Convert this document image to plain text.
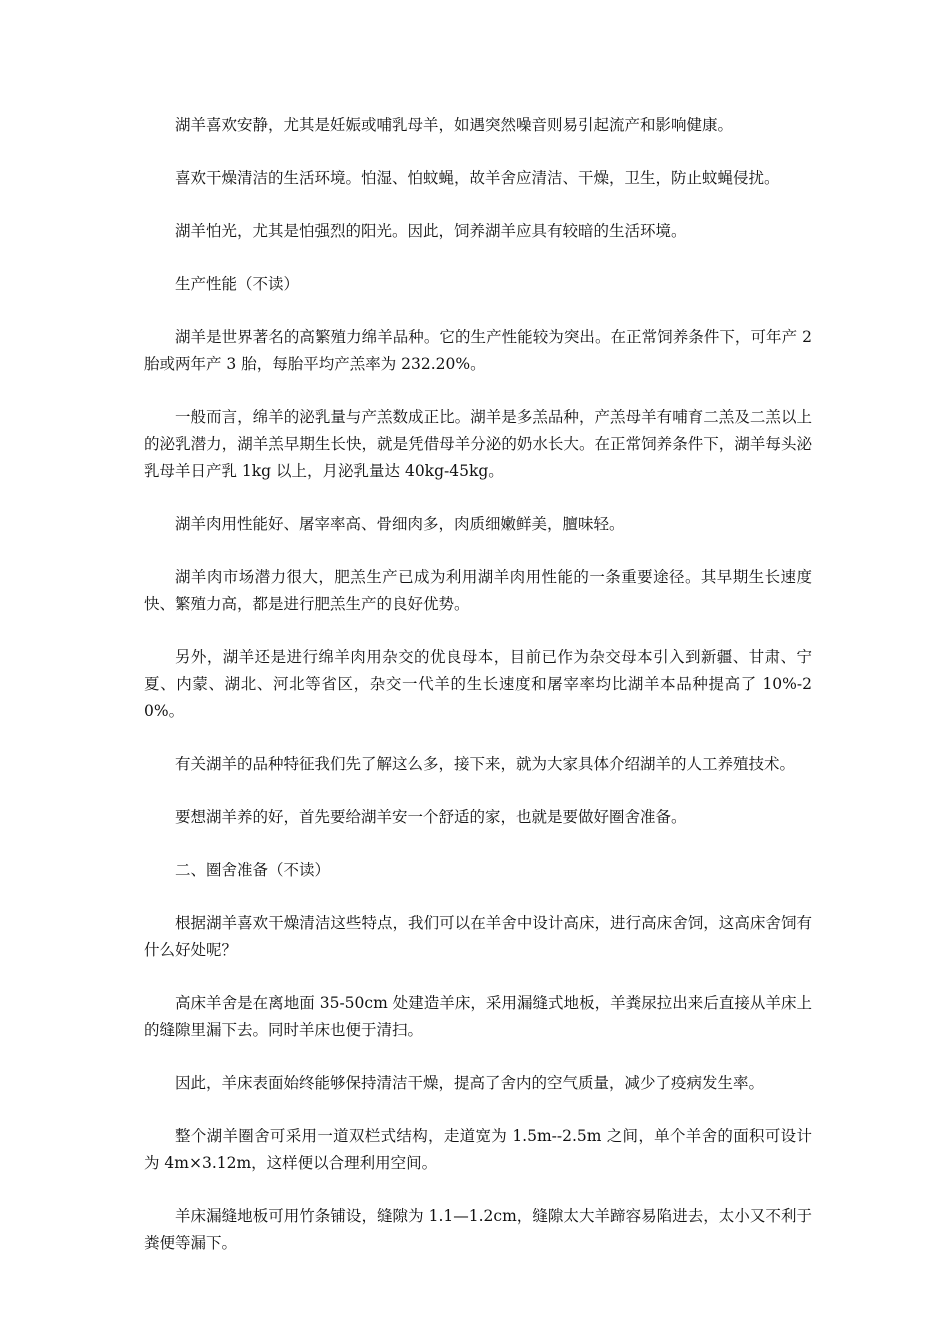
湖羊喜欢安静，尤其是妊娠或哺乳母羊，如遇突然噪音则易引起流产和影响健康。

喜欢干燥清洁的生活环境。怕湿、怕蚊蝇，故羊舍应清洁、干燥，卫生，防止蚊蝇侵扰。

湖羊怕光，尤其是怕强烈的阳光。因此，饲养湖羊应具有较暗的生活环境。

生产性能（不读）

湖羊是世界著名的高繁殖力绵羊品种。它的生产性能较为突出。在正常饲养条件下，可年产 2 胎或两年产 3 胎，每胎平均产羔率为 232.20%。

一般而言，绵羊的泌乳量与产羔数成正比。湖羊是多羔品种，产羔母羊有哺育二羔及二羔以上的泌乳潜力，湖羊羔早期生长快，就是凭借母羊分泌的奶水长大。在正常饲养条件下，湖羊每头泌乳母羊日产乳 1kg 以上，月泌乳量达 40kg-45kg。

湖羊肉用性能好、屠宰率高、骨细肉多，肉质细嫩鲜美，膻味轻。

湖羊肉市场潜力很大，肥羔生产已成为利用湖羊肉用性能的一条重要途径。其早期生长速度快、繁殖力高，都是进行肥羔生产的良好优势。

另外，湖羊还是进行绵羊肉用杂交的优良母本，目前已作为杂交母本引入到新疆、甘肃、宁夏、内蒙、湖北、河北等省区，杂交一代羊的生长速度和屠宰率均比湖羊本品种提高了 10%-20%。

有关湖羊的品种特征我们先了解这么多，接下来，就为大家具体介绍湖羊的人工养殖技术。

要想湖羊养的好，首先要给湖羊安一个舒适的家，也就是要做好圈舍准备。

二、圈舍准备（不读）

根据湖羊喜欢干燥清洁这些特点，我们可以在羊舍中设计高床，进行高床舍饲，这高床舍饲有什么好处呢？

高床羊舍是在离地面 35-50cm 处建造羊床，采用漏缝式地板，羊粪尿拉出来后直接从羊床上的缝隙里漏下去。同时羊床也便于清扫。

因此，羊床表面始终能够保持清洁干燥，提高了舍内的空气质量，减少了疫病发生率。

整个湖羊圈舍可采用一道双栏式结构，走道宽为 1.5m--2.5m 之间，单个羊舍的面积可设计为 4m×3.12m，这样便以合理利用空间。

羊床漏缝地板可用竹条铺设，缝隙为 1.1—1.2cm，缝隙太大羊蹄容易陷进去，太小又不利于粪便等漏下。
